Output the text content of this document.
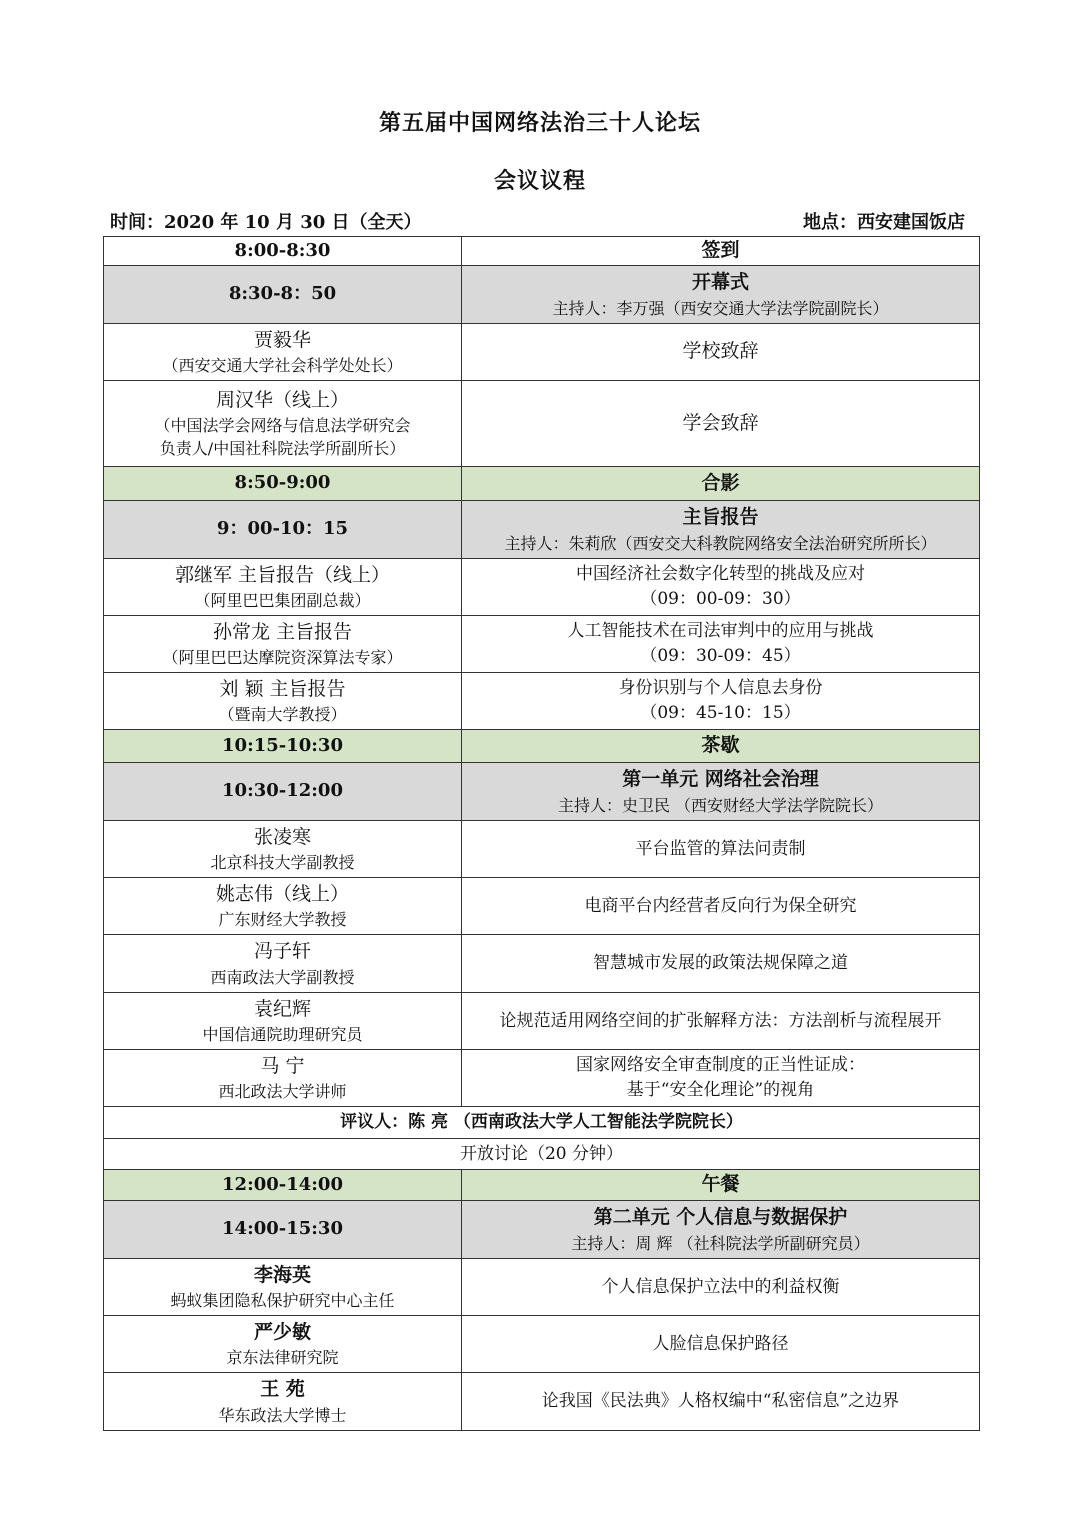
第五届中国网络法治三十人论坛
会议议程
时间：2020 年 10 月 30 日（全天）	地点：西安建国饭店
8:00-8:30	签到

8:30-8：50	开幕式
主持人：李万强（西安交通大学法学院副院长）

贾毅华
（西安交通大学社会科学处处长）	学校致辞

周汉华（线上）
（中国法学会网络与信息法学研究会
负责人/中国社科院法学所副所长）	学会致辞

8:50-9:00	合影

9：00-10：15	主旨报告
主持人：朱莉欣（西安交大科教院网络安全法治研究所所长）

郭继军 主旨报告（线上）
（阿里巴巴集团副总裁）	中国经济社会数字化转型的挑战及应对
（09：00-09：30）

孙常龙 主旨报告
（阿里巴巴达摩院资深算法专家）	人工智能技术在司法审判中的应用与挑战
（09：30-09：45）

刘 颖 主旨报告
（暨南大学教授）	身份识别与个人信息去身份
（09：45-10：15）

10:15-10:30	茶歇

10:30-12:00	第一单元 网络社会治理
主持人：史卫民 （西安财经大学法学院院长）

张凌寒
北京科技大学副教授	平台监管的算法问责制

姚志伟（线上）
广东财经大学教授	电商平台内经营者反向行为保全研究

冯子轩
西南政法大学副教授	智慧城市发展的政策法规保障之道

袁纪辉
中国信通院助理研究员	论规范适用网络空间的扩张解释方法：方法剖析与流程展开

马 宁
西北政法大学讲师	国家网络安全审查制度的正当性证成：
基于“安全化理论”的视角

评议人：陈 亮 （西南政法大学人工智能法学院院长）	
开放讨论（20 分钟）	
12:00-14:00	午餐

14:00-15:30	第二单元 个人信息与数据保护
主持人：周 辉 （社科院法学所副研究员）

李海英
蚂蚁集团隐私保护研究中心主任	个人信息保护立法中的利益权衡

严少敏
京东法律研究院	人脸信息保护路径

王 苑
华东政法大学博士	论我国《民法典》人格权编中“私密信息”之边界
